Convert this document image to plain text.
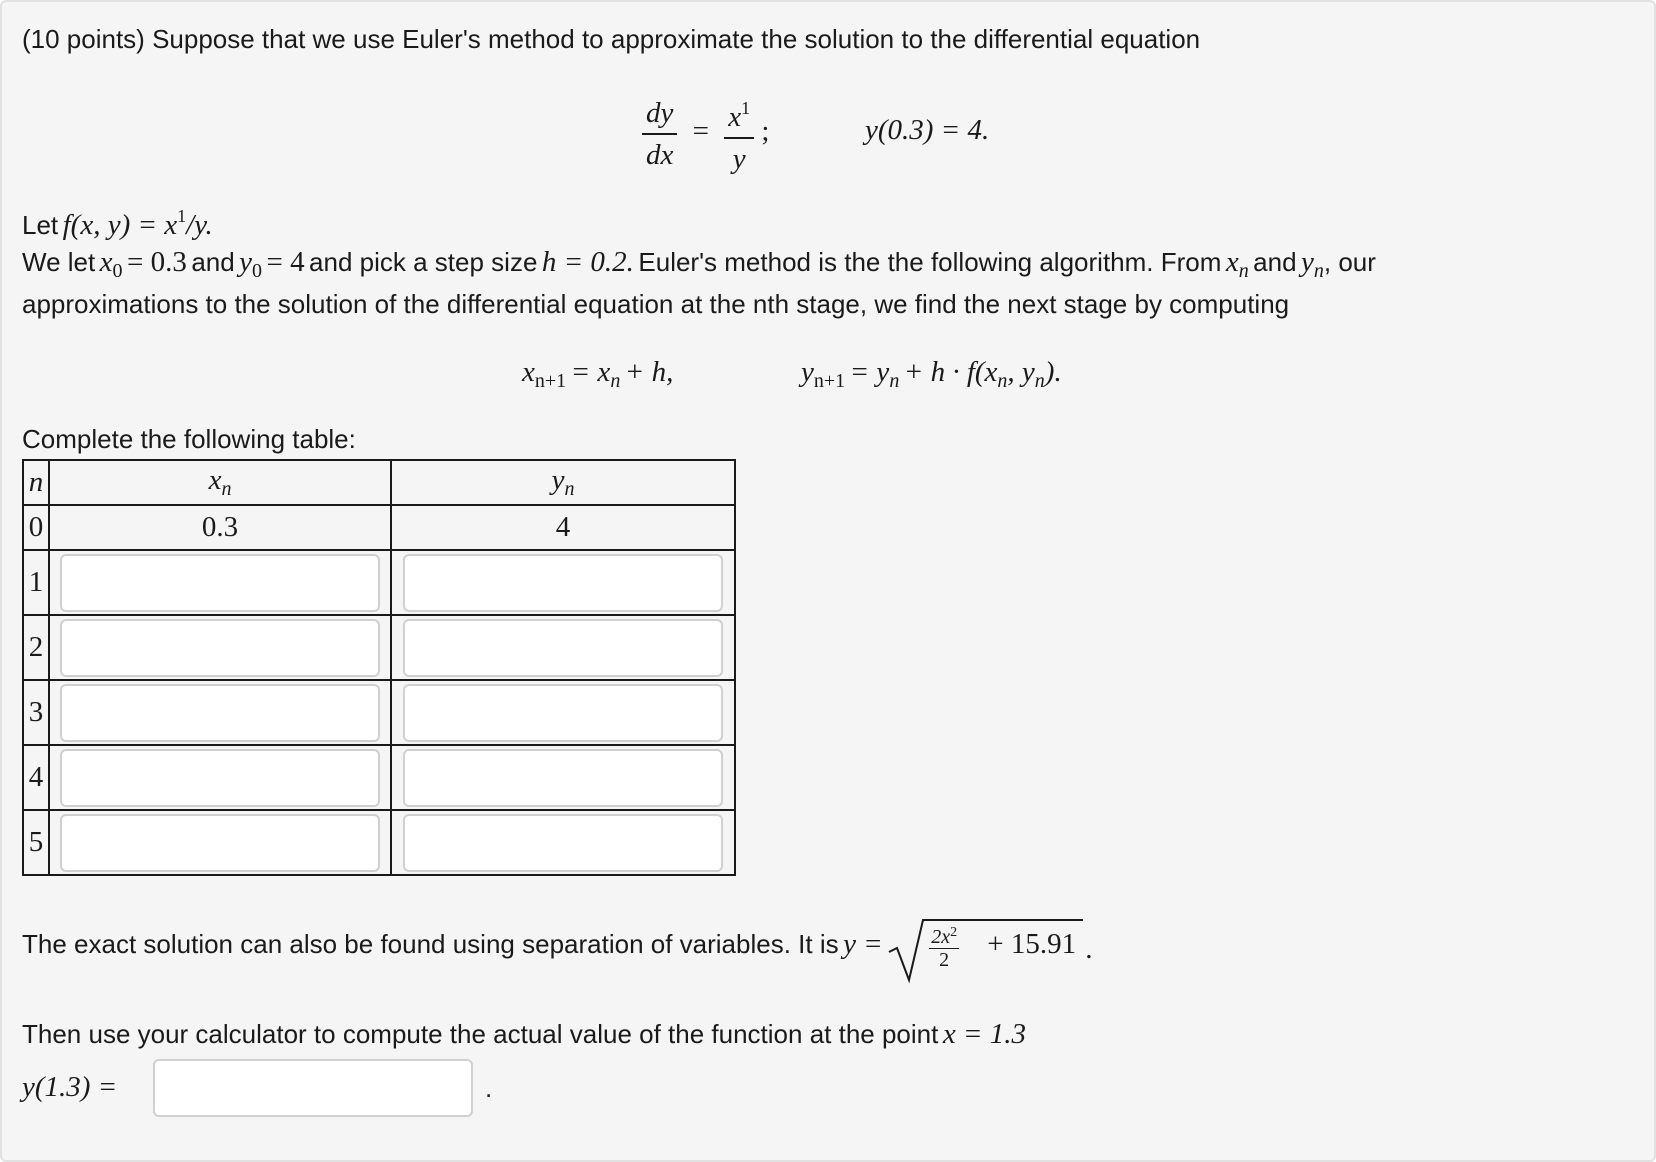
(10 points) Suppose that we use Euler's method to approximate the solution to the differential equation
$\frac{dy}{dx} = \frac{x^1}{y}$ ;	y(0.3) = 4.
Let f(x, y) = x1/y.
We let x0 = 0.3 and y0 = 4 and pick a step size h = 0.2. Euler's method is the the following algorithm. From xn and yn, our
approximations to the solution of the differential equation at the nth stage, we find the next stage by computing
xn+1 = xn + h,	yn+1 = yn + h · f(xn, yn).
Complete the following table:
n	$x_n$	$y_n$
0	0.3	4
1	

2	

3	

4	

5	

The exact solution can also be found using separation of variables. It is $y = 2x^2$
2	+ 15.91 .
Then use your calculator to compute the actual value of the function at the point x = 1.3
y(1.3) =	.
